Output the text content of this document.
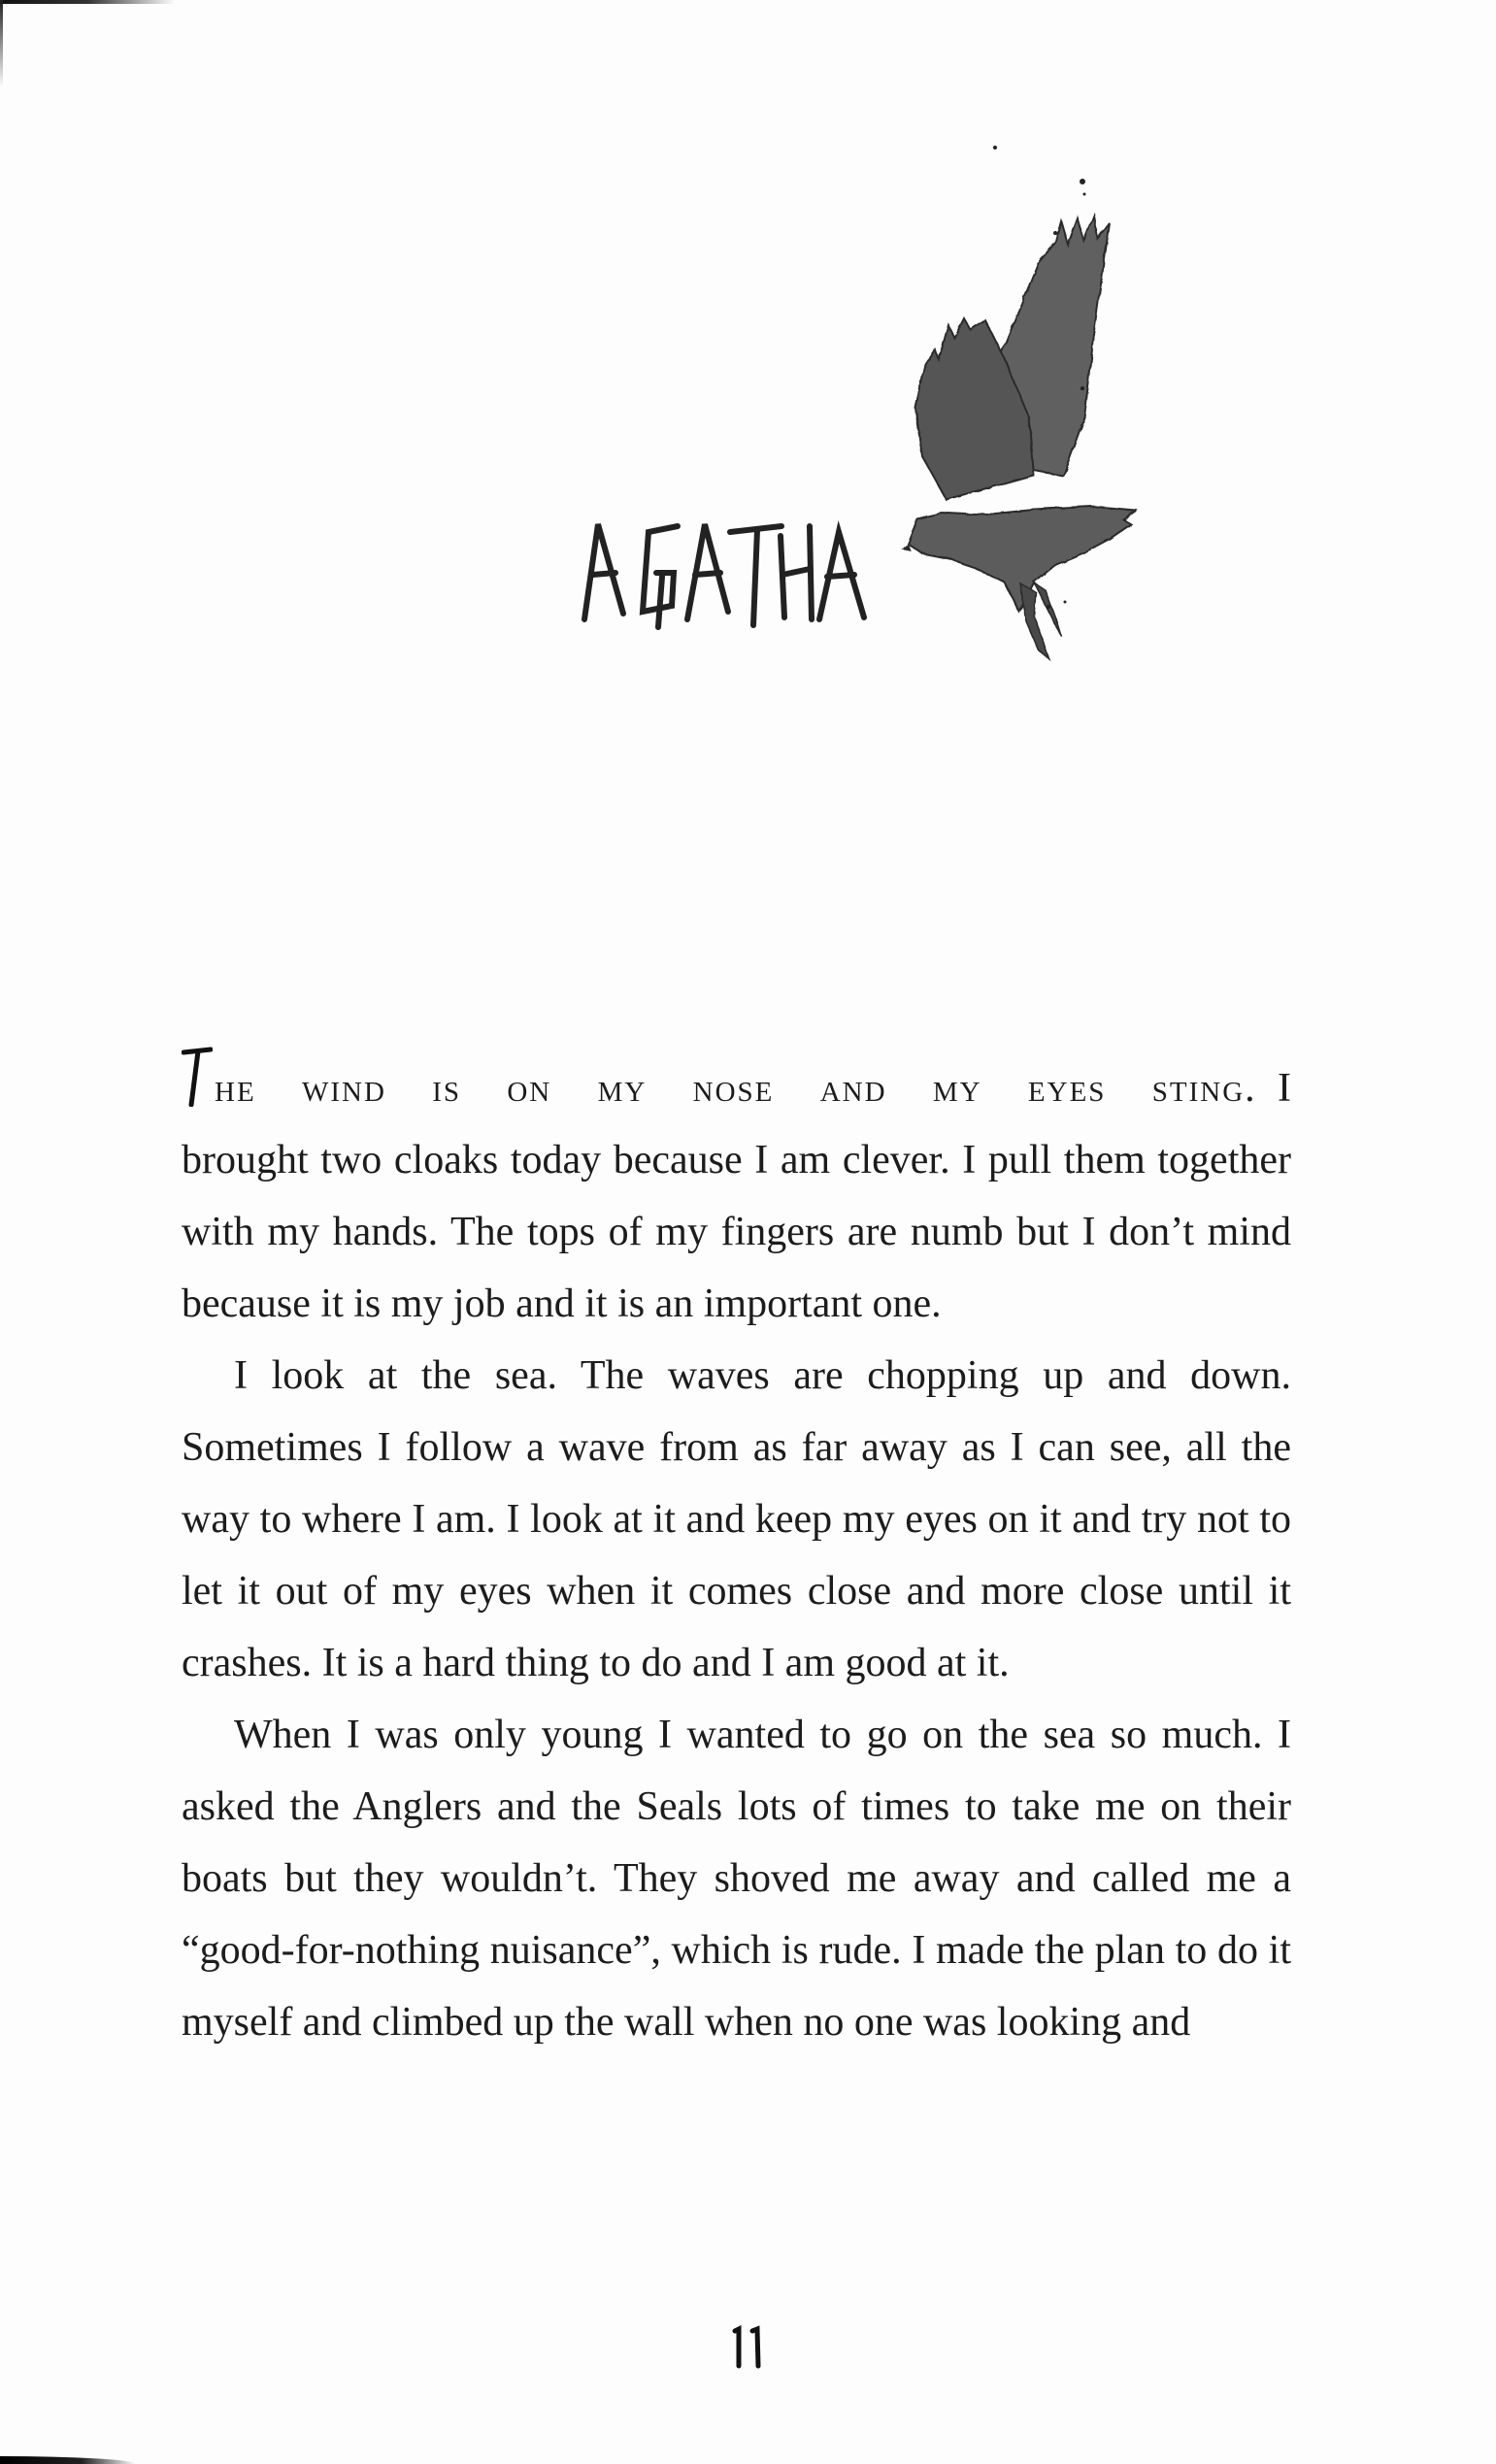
he wind is on my nose and my eyes sting. I brought two cloaks today because I am clever. I pull them together with my hands. The tops of my fingers are numb but I don’t mind because it is my job and it is an important one.

I look at the sea. The waves are chopping up and down. Sometimes I follow a wave from as far away as I can see, all the way to where I am. I look at it and keep my eyes on it and try not to let it out of my eyes when it comes close and more close until it crashes. It is a hard thing to do and I am good at it.

When I was only young I wanted to go on the sea so much. I asked the Anglers and the Seals lots of times to take me on their boats but they wouldn’t. They shoved me away and called me a “good-for-nothing nuisance”, which is rude. I made the plan to do it myself and climbed up the wall when no one was looking and
